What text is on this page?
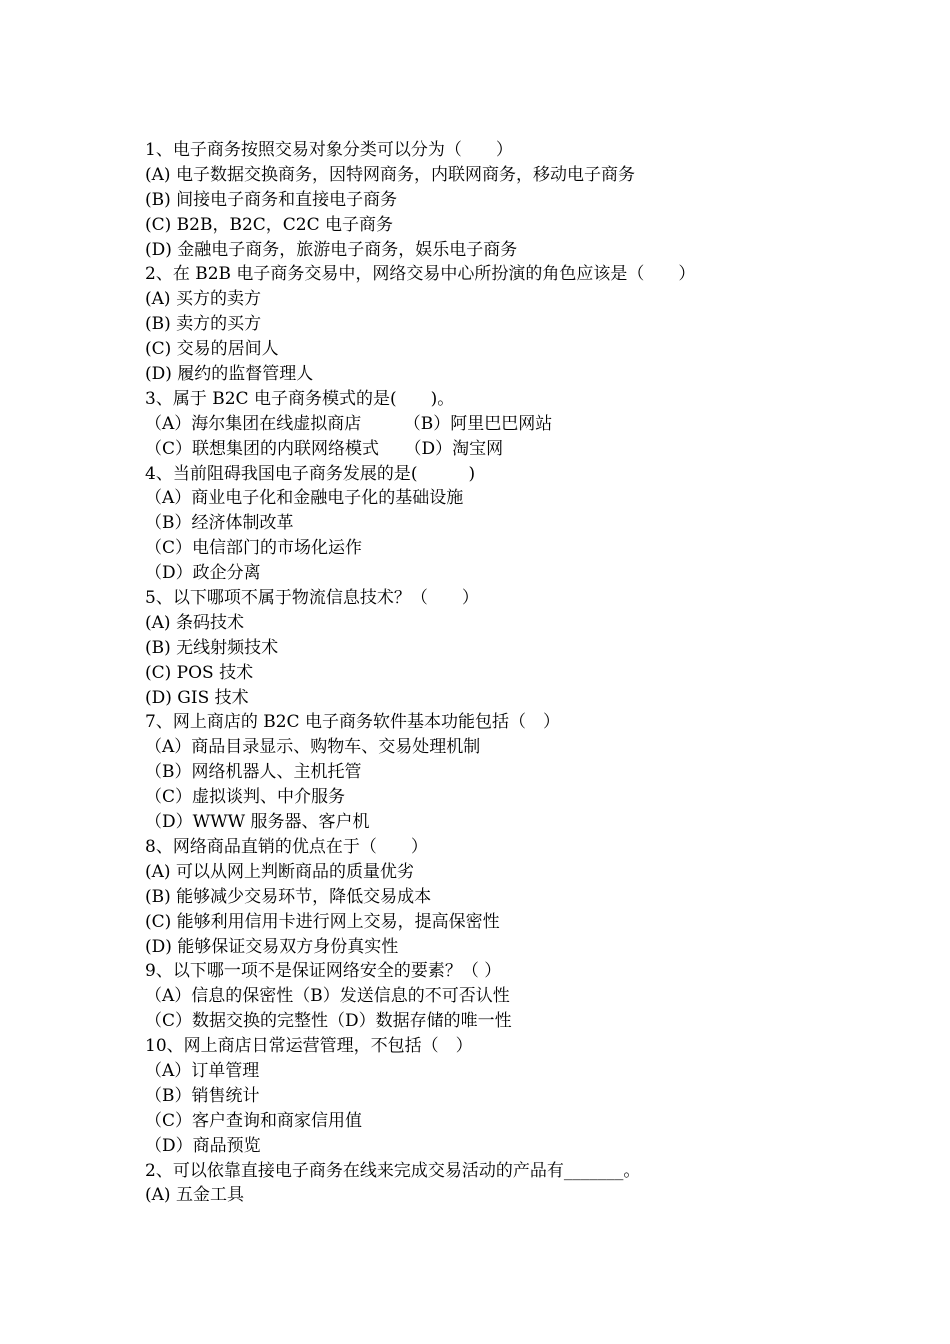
1、电子商务按照交易对象分类可以分为（　　）
(A) 电子数据交换商务，因特网商务，内联网商务，移动电子商务
(B) 间接电子商务和直接电子商务
(C) B2B，B2C，C2C 电子商务
(D) 金融电子商务，旅游电子商务，娱乐电子商务
2、在 B2B 电子商务交易中，网络交易中心所扮演的角色应该是（　　）
(A) 买方的卖方
(B) 卖方的买方
(C) 交易的居间人
(D) 履约的监督管理人
3、属于 B2C 电子商务模式的是(　　)。
（A）海尔集团在线虚拟商店　　　（B）阿里巴巴网站
（C）联想集团的内联网络模式　　（D）淘宝网
4、当前阻碍我国电子商务发展的是(　　　)
（A）商业电子化和金融电子化的基础设施
（B）经济体制改革
（C）电信部门的市场化运作
（D）政企分离
5、以下哪项不属于物流信息技术？（　　）
(A) 条码技术
(B) 无线射频技术
(C) POS 技术
(D) GIS 技术
7、网上商店的 B2C 电子商务软件基本功能包括（　）
（A）商品目录显示、购物车、交易处理机制
（B）网络机器人、主机托管
（C）虚拟谈判、中介服务
（D）WWW 服务器、客户机
8、网络商品直销的优点在于（　　）
(A) 可以从网上判断商品的质量优劣
(B) 能够减少交易环节，降低交易成本
(C) 能够利用信用卡进行网上交易，提高保密性
(D) 能够保证交易双方身份真实性
9、以下哪一项不是保证网络安全的要素？（ ）
（A）信息的保密性（B）发送信息的不可否认性
（C）数据交换的完整性（D）数据存储的唯一性
10、网上商店日常运营管理，不包括（　）
（A）订单管理
（B）销售统计
（C）客户查询和商家信用值
（D）商品预览
2、可以依靠直接电子商务在线来完成交易活动的产品有_______。
(A) 五金工具
